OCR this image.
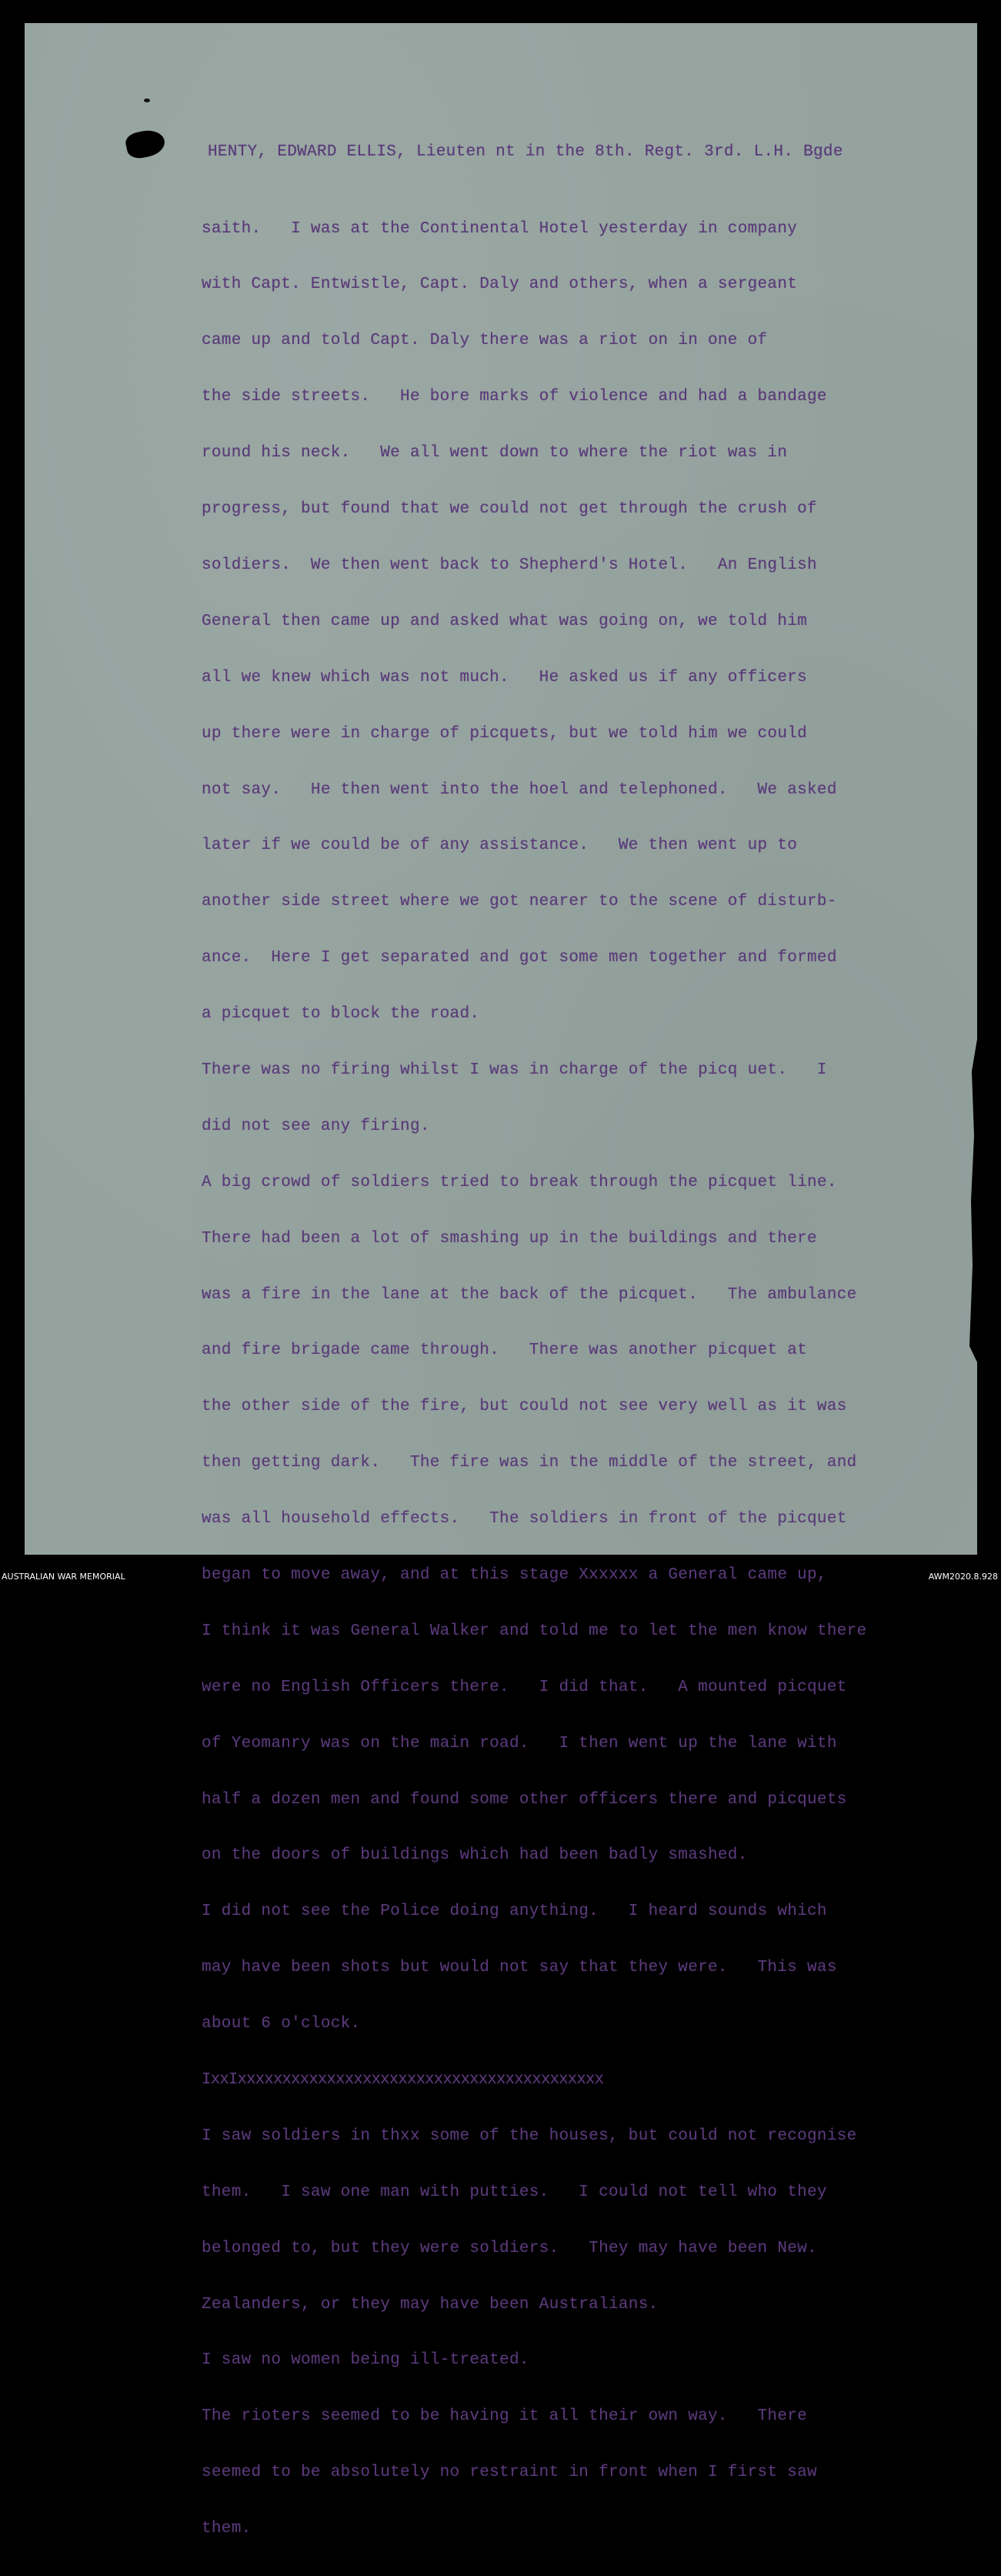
HENTY, EDWARD ELLIS, Lieuten nt in the 8th. Regt. 3rd. L.H. Bgde

saith.   I was at the Continental Hotel yesterday in company

with Capt. Entwistle, Capt. Daly and others, when a sergeant

came up and told Capt. Daly there was a riot on in one of

the side streets.   He bore marks of violence and had a bandage

round his neck.   We all went down to where the riot was in

progress, but found that we could not get through the crush of

soldiers.  We then went back to Shepherd's Hotel.   An English

General then came up and asked what was going on, we told him

all we knew which was not much.   He asked us if any officers

up there were in charge of picquets, but we told him we could

not say.   He then went into the hoel and telephoned.   We asked

later if we could be of any assistance.   We then went up to

another side street where we got nearer to the scene of disturb-

ance.  Here I get separated and got some men together and formed

a picquet to block the road.

There was no firing whilst I was in charge of the picq uet.   I

did not see any firing.

A big crowd of soldiers tried to break through the picquet line.

There had been a lot of smashing up in the buildings and there

was a fire in the lane at the back of the picquet.   The ambulance

and fire brigade came through.   There was another picquet at

the other side of the fire, but could not see very well as it was

then getting dark.   The fire was in the middle of the street, and

was all household effects.   The soldiers in front of the picquet

began to move away, and at this stage Xxxxxx a General came up,

I think it was General Walker and told me to let the men know there

were no English Officers there.   I did that.   A mounted picquet

of Yeomanry was on the main road.   I then went up the lane with

half a dozen men and found some other officers there and picquets

on the doors of buildings which had been badly smashed.

I did not see the Police doing anything.   I heard sounds which

may have been shots but would not say that they were.   This was

about 6 o'clock.

IxxIxxxxxxxxxxxxxxxxxxxxxxxxxxxxxxxxxxxxxxxxx

I saw soldiers in thxx some of the houses, but could not recognise

them.   I saw one man with putties.   I could not tell who they

belonged to, but they were soldiers.   They may have been New.

Zealanders, or they may have been Australians.

I saw no women being ill-treated.

The rioters seemed to be having it all their own way.   There

seemed to be absolutely no restraint in front when I first saw

them.

AUSTRALIAN WAR MEMORIAL	AWM2020.8.928
